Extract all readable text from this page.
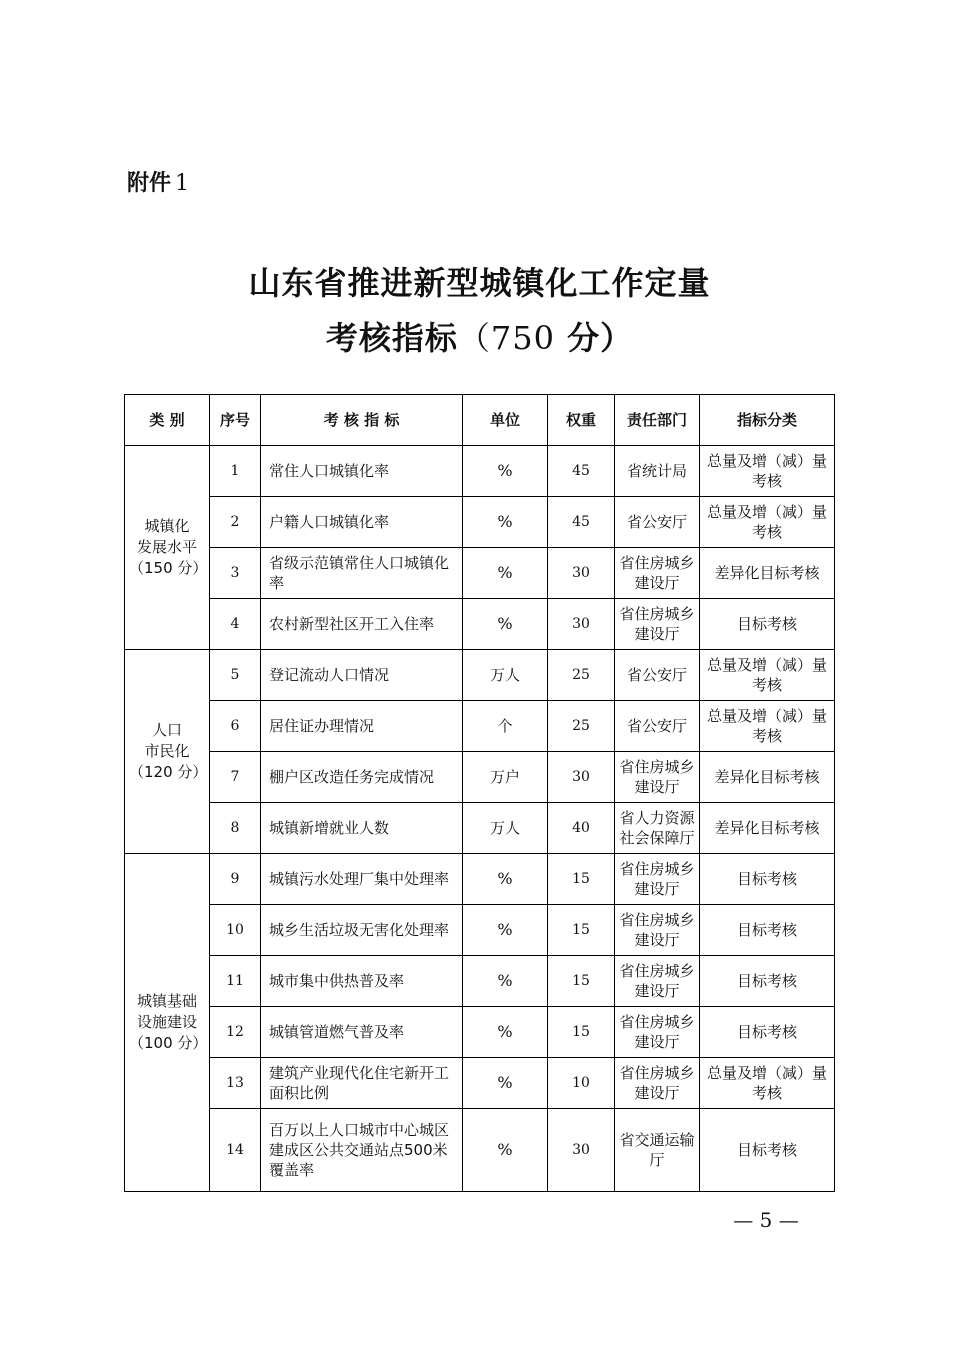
附件 1
山东省推进新型城镇化工作定量
考核指标（750 分）
类 别	序号	考 核 指 标	单位	权重	责任部门	指标分类

城镇化
发展水平
（150 分）	1	常住人口城镇化率	%	45	省统计局	总量及增（减）量考核
	2	户籍人口城镇化率	%	45	省公安厅	总量及增（减）量考核
	3	省级示范镇常住人口城镇化率	%	30	省住房城乡建设厅	差异化目标考核
	4	农村新型社区开工入住率	%	30	省住房城乡建设厅	目标考核

人口
市民化
（120 分）	5	登记流动人口情况	万人	25	省公安厅	总量及增（减）量考核
	6	居住证办理情况	个	25	省公安厅	总量及增（减）量考核
	7	棚户区改造任务完成情况	万户	30	省住房城乡建设厅	差异化目标考核
	8	城镇新增就业人数	万人	40	省人力资源社会保障厅	差异化目标考核

城镇基础
设施建设
（100 分）	9	城镇污水处理厂集中处理率	%	15	省住房城乡建设厅	目标考核
	10	城乡生活垃圾无害化处理率	%	15	省住房城乡建设厅	目标考核
	11	城市集中供热普及率	%	15	省住房城乡建设厅	目标考核
	12	城镇管道燃气普及率	%	15	省住房城乡建设厅	目标考核
	13	建筑产业现代化住宅新开工面积比例	%	10	省住房城乡建设厅	总量及增（减）量考核
	14	百万以上人口城市中心城区建成区公共交通站点500米覆盖率	%	30	省交通运输厅	目标考核
— 5 —
